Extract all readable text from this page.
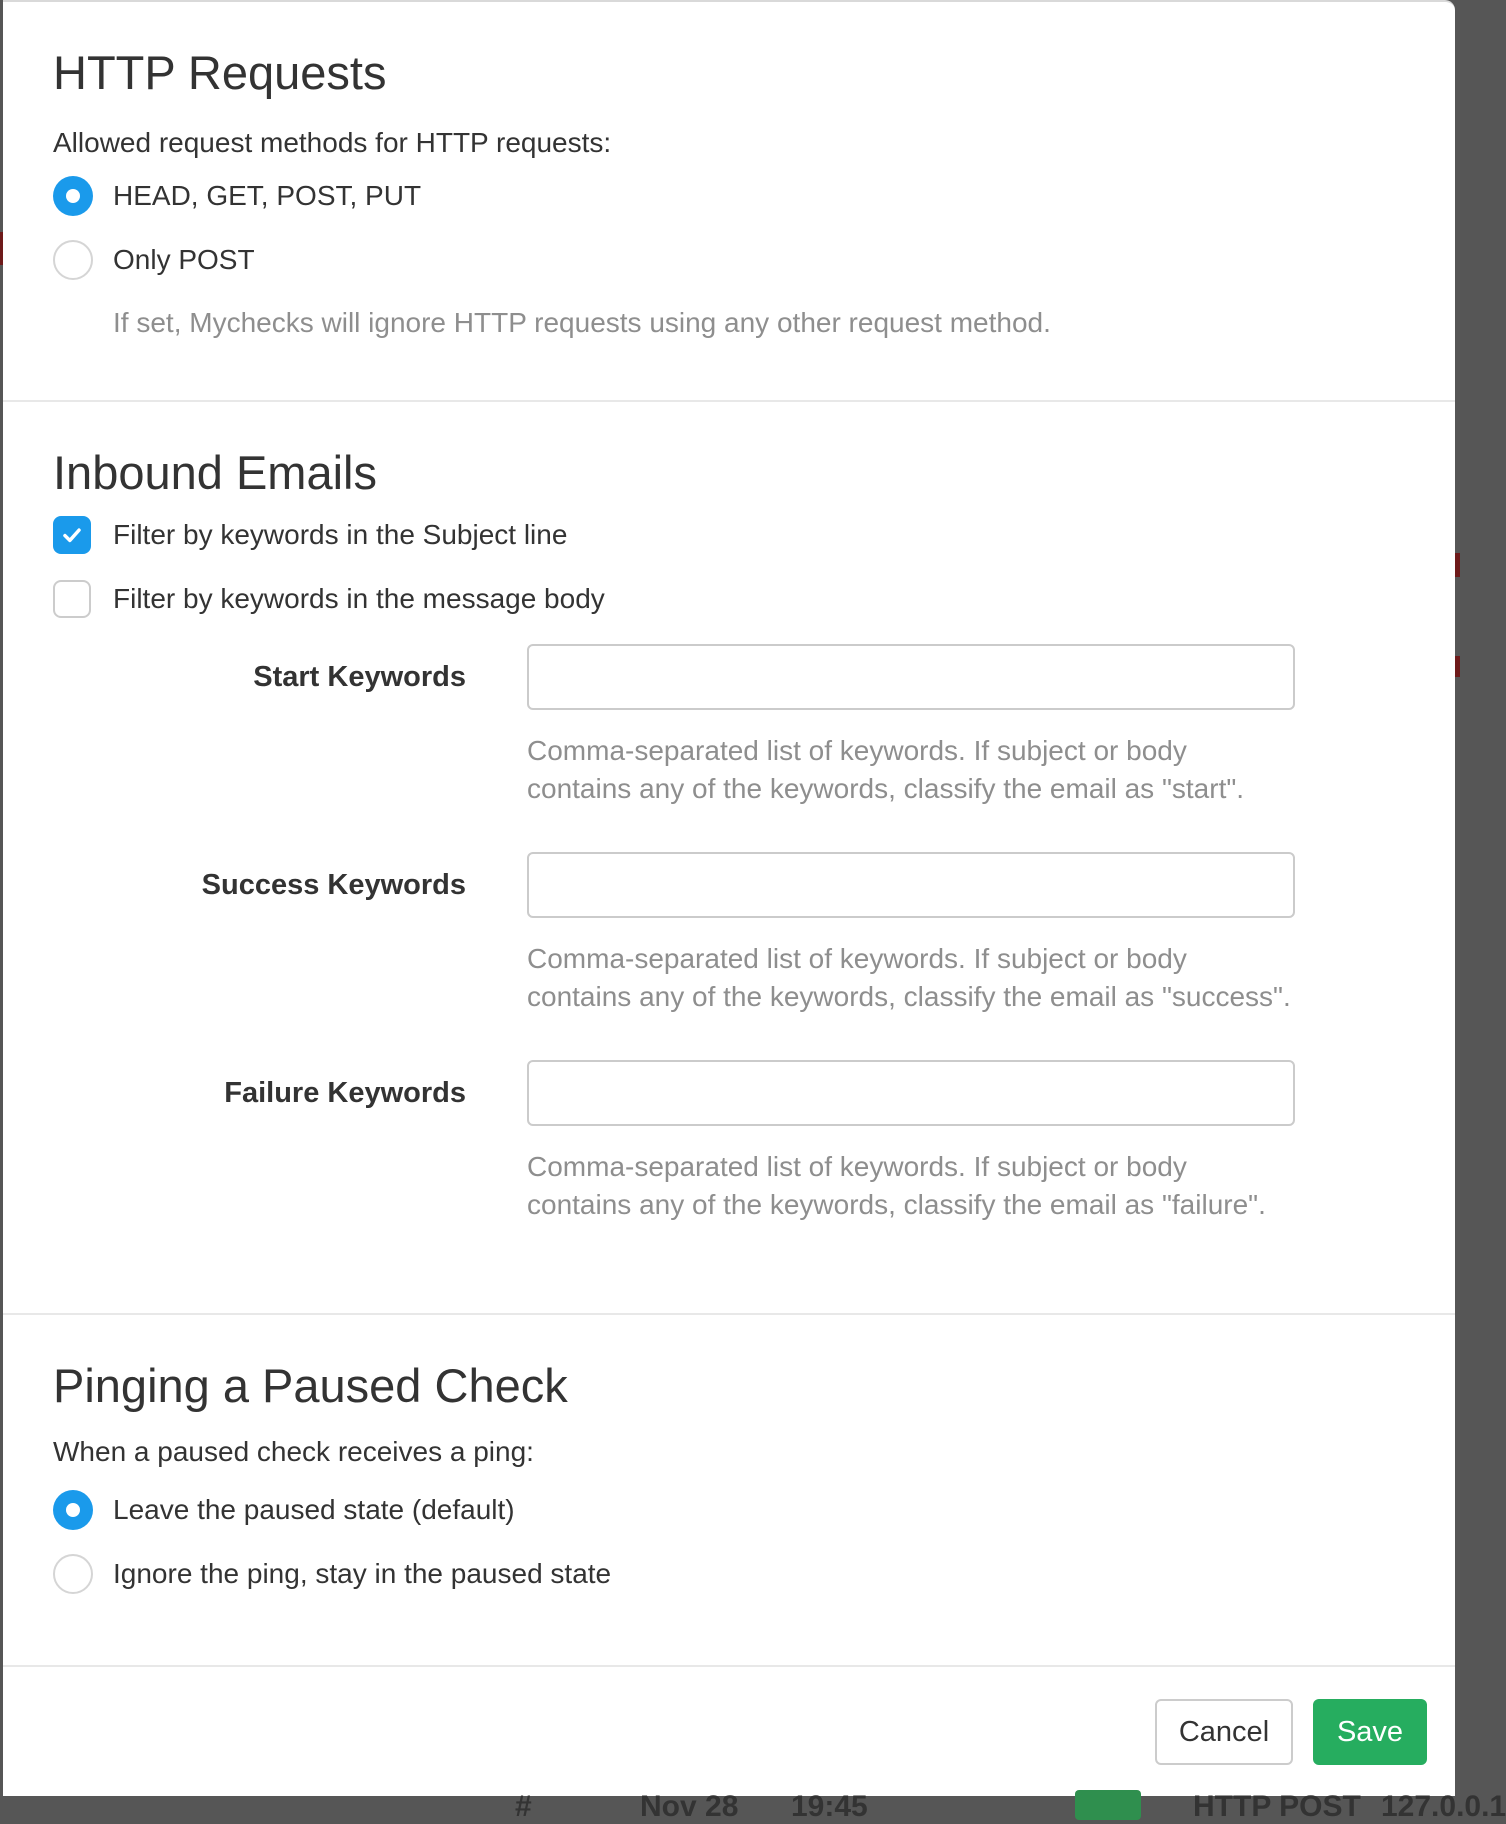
HTTP Requests

Allowed request methods for HTTP requests:

HEAD, GET, POST, PUT
Only POST

If set, Mychecks will ignore HTTP requests using any other request method.

Inbound Emails
Filter by keywords in the Subject line
Filter by keywords in the message body
Start Keywords
Comma-separated list of keywords. If subject or body
contains any of the keywords, classify the email as "start".
Success Keywords
Comma-separated list of keywords. If subject or body
contains any of the keywords, classify the email as "success".
Failure Keywords
Comma-separated list of keywords. If subject or body
contains any of the keywords, classify the email as "failure".
Pinging a Paused Check

When a paused check receives a ping:

Leave the paused state (default)
Ignore the ping, stay in the paused state
Cancel	Save
#	Nov 28 19:45	HTTP POST 127.0.0.1
